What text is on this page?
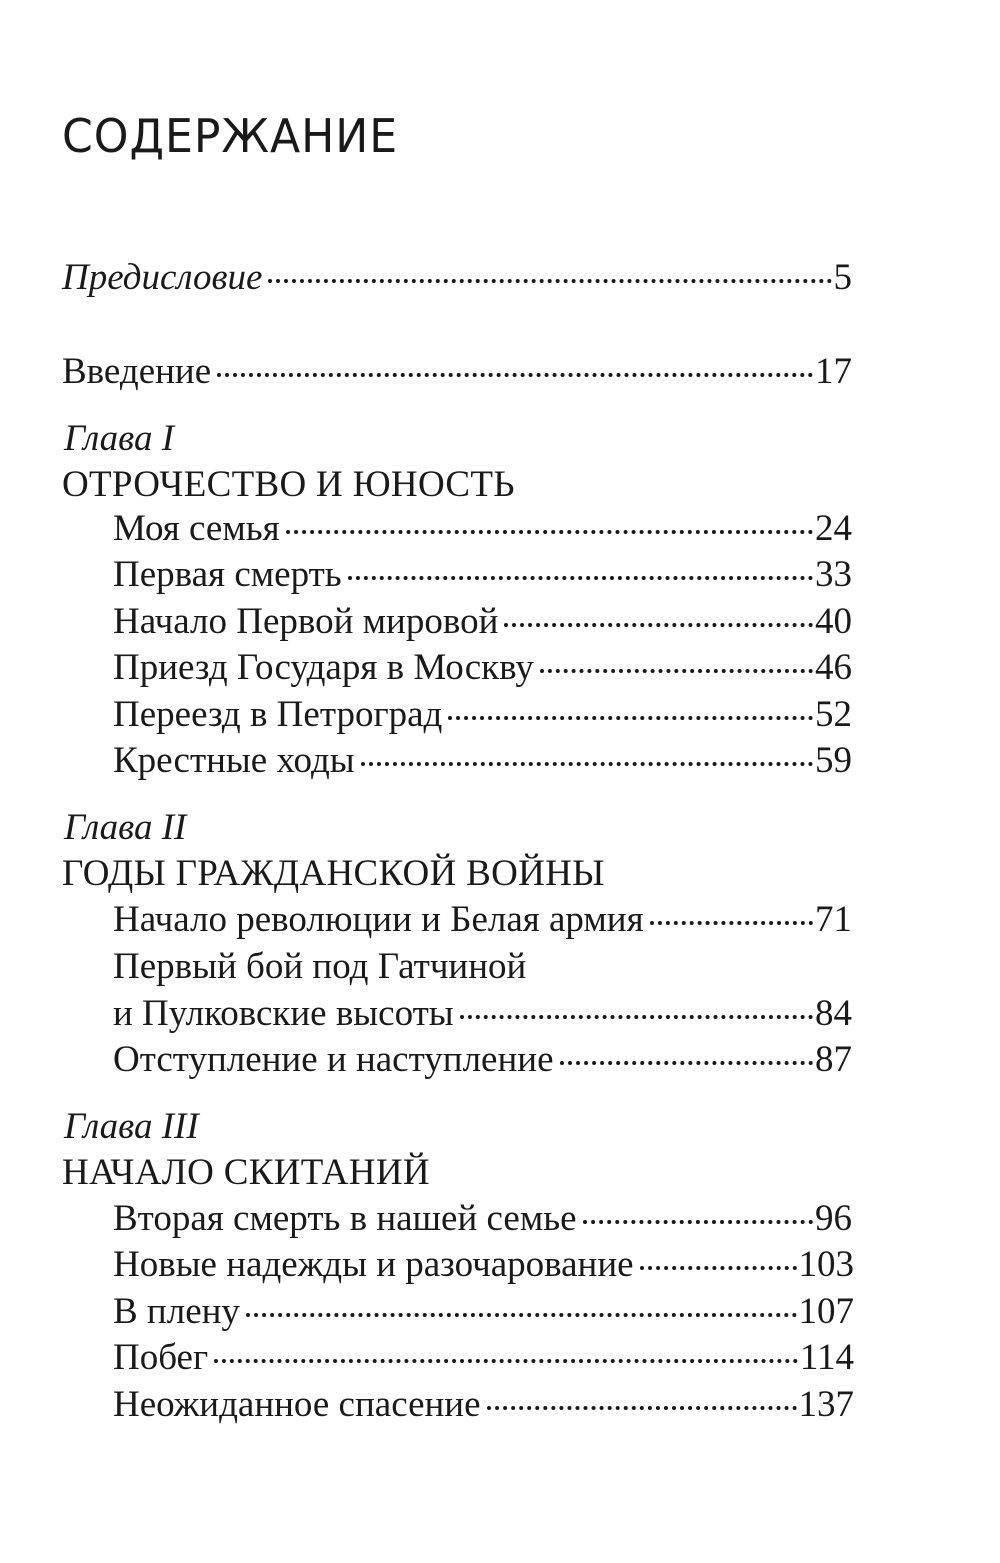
СОДЕРЖАНИЕ
Предисловие	5
Введение	17
Глава I
ОТРОЧЕСТВО И ЮНОСТЬ
Моя семья	24
Первая смерть	33
Начало Первой мировой	40
Приезд Государя в Москву	46
Переезд в Петроград	52
Крестные ходы	59
Глава II
ГОДЫ ГРАЖДАНСКОЙ ВОЙНЫ
Начало революции и Белая армия	71
Первый бой под Гатчиной
и Пулковские высоты	84
Отступление и наступление	87
Глава III
НАЧАЛО СКИТАНИЙ
Вторая смерть в нашей семье	96
Новые надежды и разочарование	103
В плену	107
Побег	114
Неожиданное спасение	137
